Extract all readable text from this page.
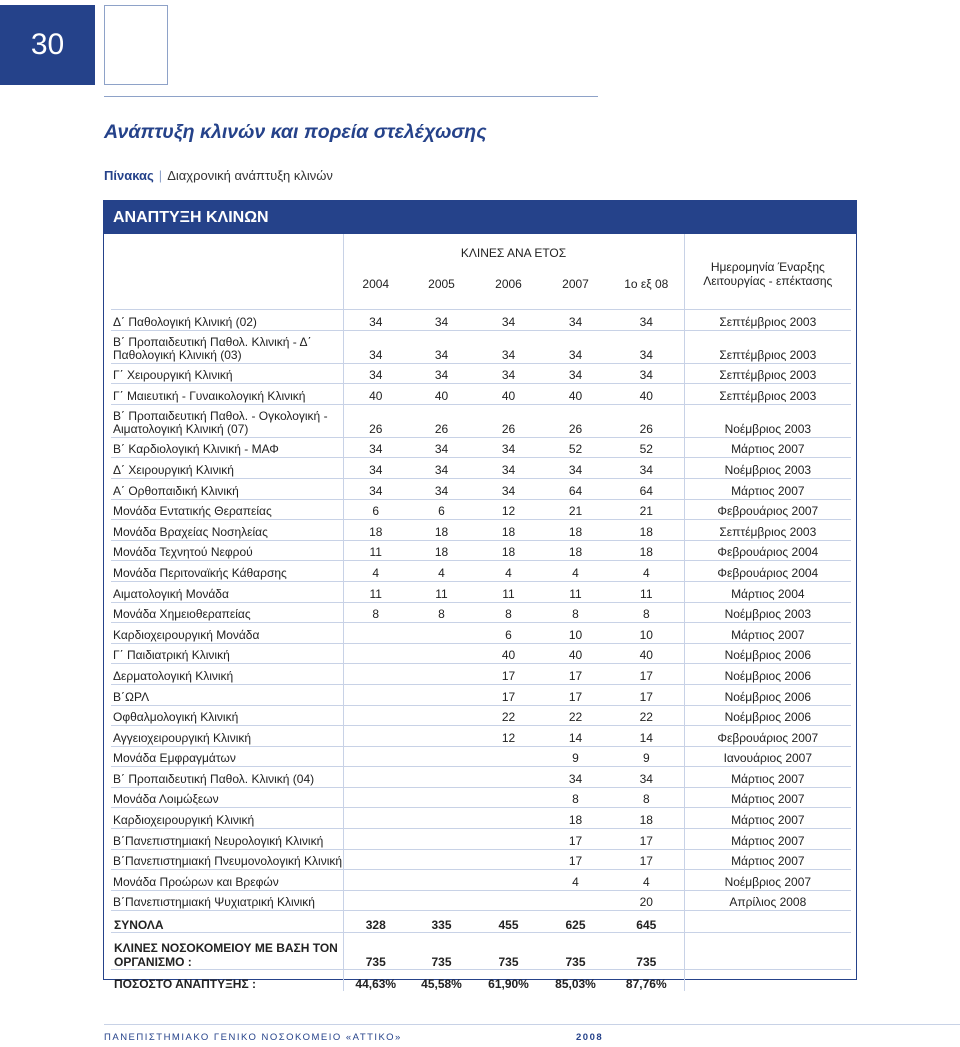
30
Ανάπτυξη κλινών και πορεία στελέχωσης
Πίνακας | Διαχρονική ανάπτυξη κλινών
ΑΝΑΠΤΥΞΗ ΚΛΙΝΩΝ
	ΚΛΙΝΕΣ ΑΝΑ ΕΤΟΣ					
	2004	2005	2006	2007	1ο εξ 08	Ημερομηνία Έναρξης Λειτουργίας - επέκτασης

Δ΄ Παθολογική Κλινική (02)	34	34	34	34	34	Σεπτέμβριος 2003
Β΄ Προπαιδευτική Παθολ. Κλινική - Δ΄ Παθολογική Κλινική (03)	34	34	34	34	34	Σεπτέμβριος 2003
Γ΄ Χειρουργική Κλινική	34	34	34	34	34	Σεπτέμβριος 2003
Γ΄ Μαιευτική - Γυναικολογική Κλινική	40	40	40	40	40	Σεπτέμβριος 2003
Β΄ Προπαιδευτική Παθολ. - Ογκολογική - Αιματολογική Κλινική (07)	26	26	26	26	26	Νοέμβριος 2003
Β΄ Καρδιολογική Κλινική - ΜΑΦ	34	34	34	52	52	Μάρτιος 2007
Δ΄ Χειρουργική Κλινική	34	34	34	34	34	Νοέμβριος 2003
Α΄ Ορθοπαιδική Κλινική	34	34	34	64	64	Μάρτιος 2007
Μονάδα Εντατικής Θεραπείας	6	6	12	21	21	Φεβρουάριος 2007
Μονάδα Βραχείας Νοσηλείας	18	18	18	18	18	Σεπτέμβριος 2003
Μονάδα Τεχνητού Νεφρού	11	18	18	18	18	Φεβρουάριος 2004
Μονάδα Περιτοναϊκής Κάθαρσης	4	4	4	4	4	Φεβρουάριος 2004
Αιματολογική Μονάδα	11	11	11	11	11	Μάρτιος 2004
Μονάδα Χημειοθεραπείας	8	8	8	8	8	Νοέμβριος 2003
Καρδιοχειρουργική Μονάδα			6	10	10	Μάρτιος 2007
Γ΄ Παιδιατρική Κλινική			40	40	40	Νοέμβριος 2006
Δερματολογική Κλινική			17	17	17	Νοέμβριος 2006
Β΄ΩΡΛ			17	17	17	Νοέμβριος 2006
Οφθαλμολογική Κλινική			22	22	22	Νοέμβριος 2006
Αγγειοχειρουργική Κλινική			12	14	14	Φεβρουάριος 2007
Μονάδα Εμφραγμάτων				9	9	Ιανουάριος 2007
Β΄ Προπαιδευτική Παθολ. Κλινική (04)				34	34	Μάρτιος 2007
Μονάδα Λοιμώξεων				8	8	Μάρτιος 2007
Καρδιοχειρουργική Κλινική				18	18	Μάρτιος 2007
Β΄Πανεπιστημιακή Νευρολογική Κλινική				17	17	Μάρτιος 2007
Β΄Πανεπιστημιακή Πνευμονολογική Κλινική				17	17	Μάρτιος 2007
Μονάδα Προώρων και Βρεφών				4	4	Νοέμβριος 2007
Β΄Πανεπιστημιακή Ψυχιατρική Κλινική					20	Απρίλιος 2008
ΣΥΝΟΛΑ	328	335	455	625	645	
ΚΛΙΝΕΣ ΝΟΣΟΚΟΜΕΙΟΥ ΜΕ ΒΑΣΗ ΤΟΝ ΟΡΓΑΝΙΣΜΟ :	735	735	735	735	735	
ΠΟΣΟΣΤΟ ΑΝΑΠΤΥΞΗΣ :	44,63%	45,58%	61,90%	85,03%	87,76%	
ΠΑΝΕΠΙΣΤΗΜΙΑΚΟ ΓΕΝΙΚΟ ΝΟΣΟΚΟΜΕΙΟ «ΑΤΤΙΚΟ»	2008
